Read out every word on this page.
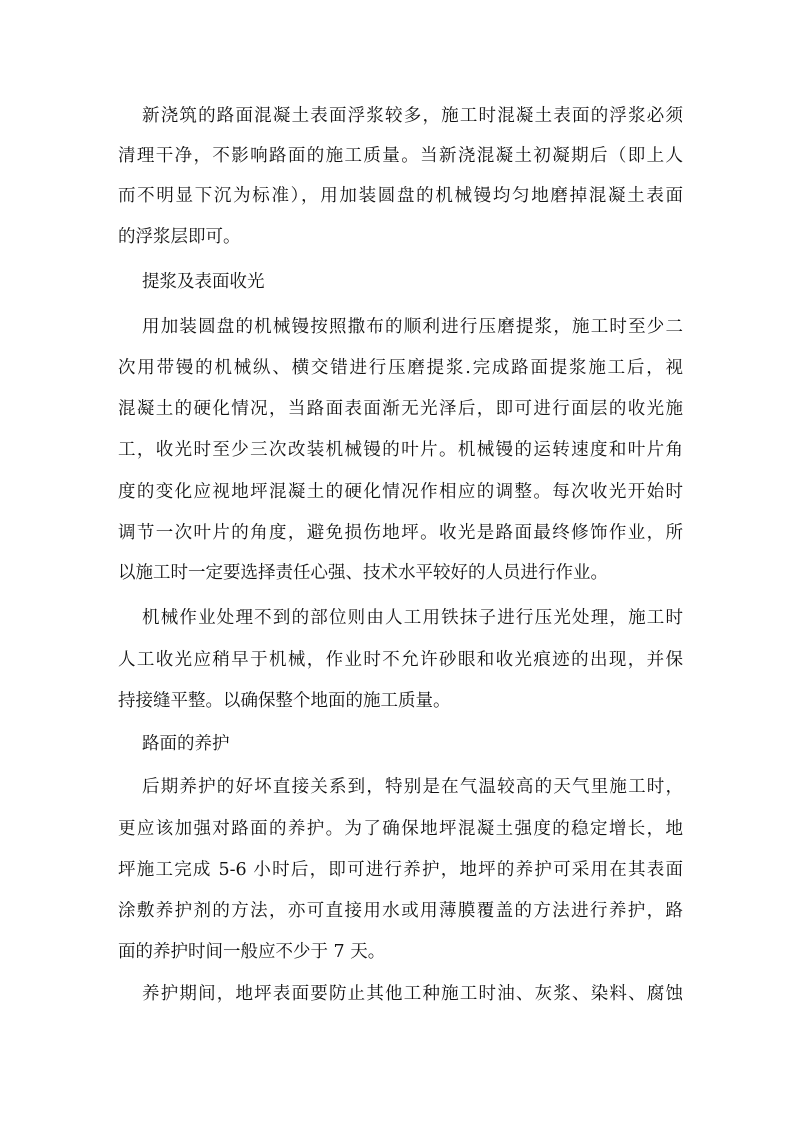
新浇筑的路面混凝土表面浮浆较多，施工时混凝土表面的浮浆必须
清理干净，不影响路面的施工质量。当新浇混凝土初凝期后（即上人
而不明显下沉为标准），用加装圆盘的机械镘均匀地磨掉混凝土表面
的浮浆层即可。
提浆及表面收光
用加装圆盘的机械镘按照撒布的顺利进行压磨提浆，施工时至少二
次用带镘的机械纵、横交错进行压磨提浆.完成路面提浆施工后，视
混凝土的硬化情况，当路面表面渐无光泽后，即可进行面层的收光施
工，收光时至少三次改装机械镘的叶片。机械镘的运转速度和叶片角
度的变化应视地坪混凝土的硬化情况作相应的调整。每次收光开始时
调节一次叶片的角度，避免损伤地坪。收光是路面最终修饰作业，所
以施工时一定要选择责任心强、技术水平较好的人员进行作业。
机械作业处理不到的部位则由人工用铁抹子进行压光处理，施工时
人工收光应稍早于机械，作业时不允许砂眼和收光痕迹的出现，并保
持接缝平整。以确保整个地面的施工质量。
路面的养护
后期养护的好坏直接关系到，特别是在气温较高的天气里施工时，
更应该加强对路面的养护。为了确保地坪混凝土强度的稳定增长，地
坪施工完成 5-6 小时后，即可进行养护，地坪的养护可采用在其表面
涂敷养护剂的方法，亦可直接用水或用薄膜覆盖的方法进行养护，路
面的养护时间一般应不少于 7 天。
养护期间，地坪表面要防止其他工种施工时油、灰浆、染料、腐蚀
